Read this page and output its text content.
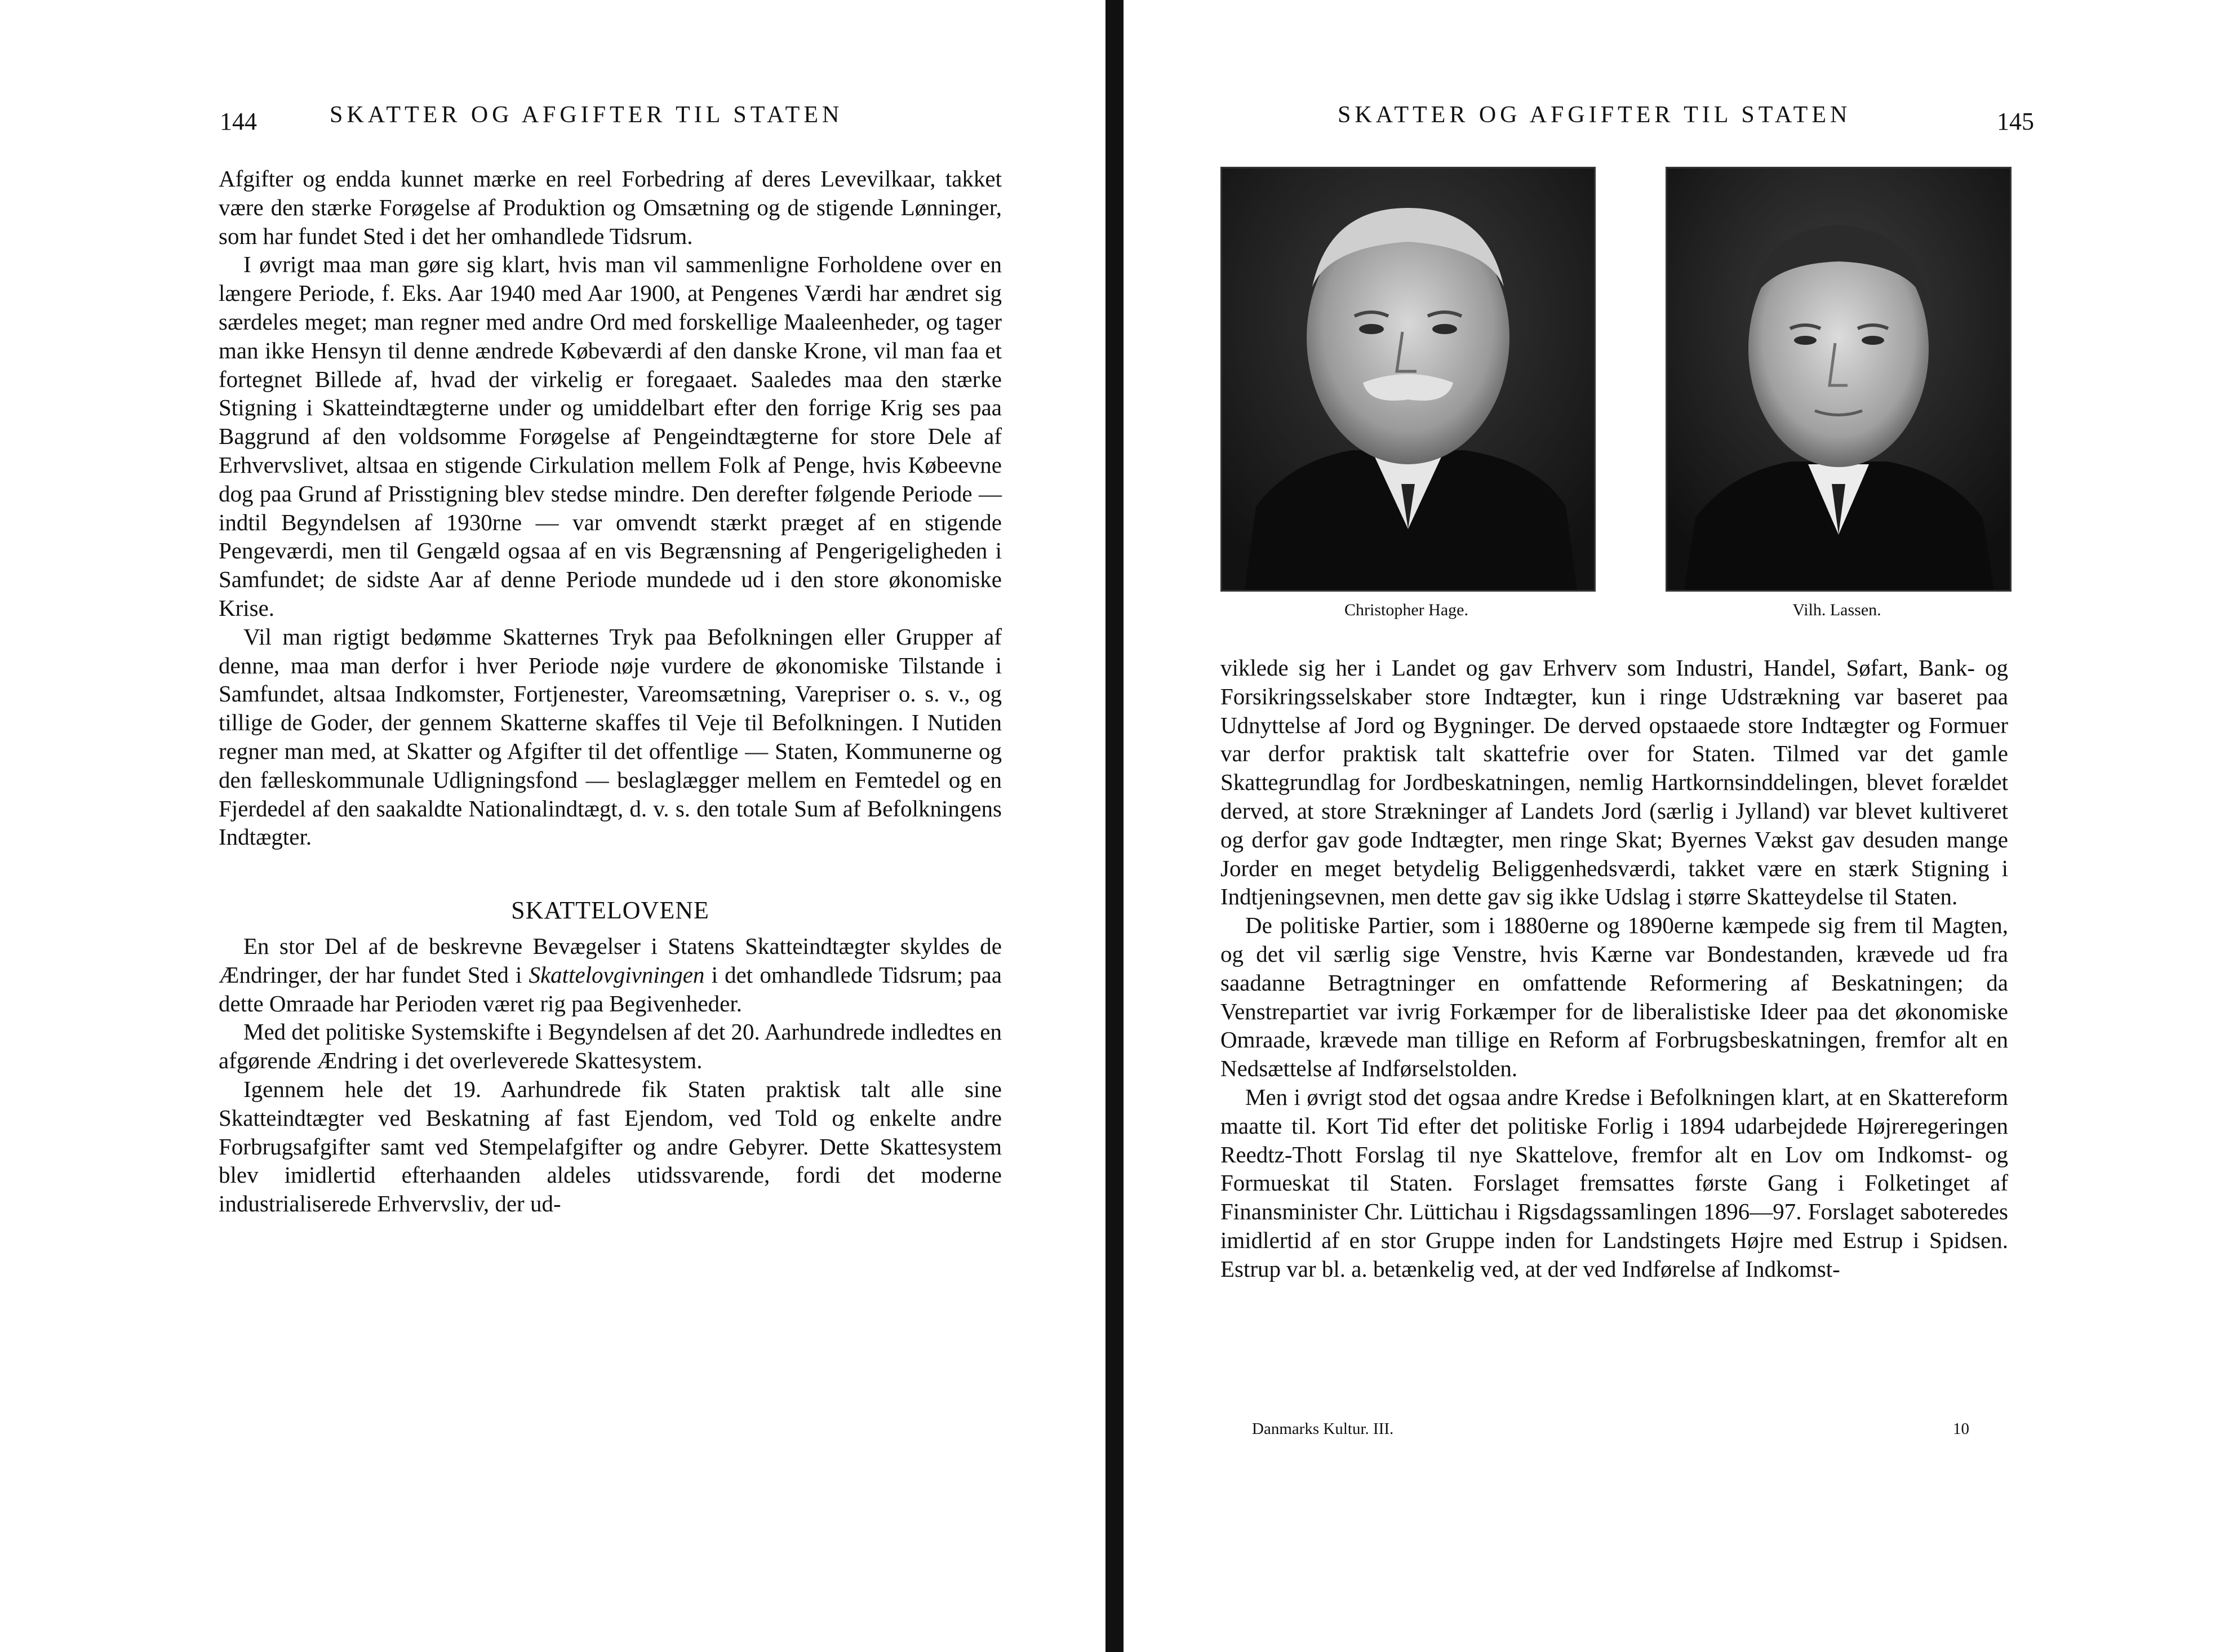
144	SKATTER OG AFGIFTER TIL STATEN

Afgifter og endda kunnet mærke en reel Forbedring af deres Levevilkaar, takket være den stærke Forøgelse af Produktion og Omsætning og de stigende Lønninger, som har fundet Sted i det her omhandlede Tidsrum.

I øvrigt maa man gøre sig klart, hvis man vil sammenligne Forholdene over en længere Periode, f. Eks. Aar 1940 med Aar 1900, at Pengenes Værdi har ændret sig særdeles meget; man regner med andre Ord med forskellige Maaleenheder, og tager man ikke Hensyn til denne ændrede Købeværdi af den danske Krone, vil man faa et fortegnet Billede af, hvad der virkelig er foregaaet. Saaledes maa den stærke Stigning i Skatteindtægterne under og umiddelbart efter den forrige Krig ses paa Baggrund af den voldsomme Forøgelse af Pengeindtægterne for store Dele af Erhvervslivet, altsaa en stigende Cirkulation mellem Folk af Penge, hvis Købeevne dog paa Grund af Prisstigning blev stedse mindre. Den derefter følgende Periode — indtil Begyndelsen af 1930rne — var omvendt stærkt præget af en stigende Pengeværdi, men til Gengæld ogsaa af en vis Begrænsning af Pengerigeligheden i Samfundet; de sidste Aar af denne Periode mundede ud i den store økonomiske Krise.

Vil man rigtigt bedømme Skatternes Tryk paa Befolkningen eller Grupper af denne, maa man derfor i hver Periode nøje vurdere de økonomiske Tilstande i Samfundet, altsaa Indkomster, Fortjenester, Vareomsætning, Varepriser o. s. v., og tillige de Goder, der gennem Skatterne skaffes til Veje til Befolkningen. I Nutiden regner man med, at Skatter og Afgifter til det offentlige — Staten, Kommunerne og den fælleskommunale Udligningsfond — beslaglægger mellem en Femtedel og en Fjerdedel af den saakaldte Nationalindtægt, d. v. s. den totale Sum af Befolkningens Indtægter.

SKATTELOVENE

En stor Del af de beskrevne Bevægelser i Statens Skatteindtægter skyldes de Ændringer, der har fundet Sted i Skattelovgivningen i det omhandlede Tidsrum; paa dette Omraade har Perioden været rig paa Begivenheder.

Med det politiske Systemskifte i Begyndelsen af det 20. Aarhundrede indledtes en afgørende Ændring i det overleverede Skattesystem.

Igennem hele det 19. Aarhundrede fik Staten praktisk talt alle sine Skatteindtægter ved Beskatning af fast Ejendom, ved Told og enkelte andre Forbrugsafgifter samt ved Stempelafgifter og andre Gebyrer. Dette Skattesystem blev imidlertid efterhaanden aldeles utidssvarende, fordi det moderne industrialiserede Erhvervsliv, der ud-

SKATTER OG AFGIFTER TIL STATEN	145
Christopher Hage.	Vilh. Lassen.

viklede sig her i Landet og gav Erhverv som Industri, Handel, Søfart, Bank- og Forsikringsselskaber store Indtægter, kun i ringe Udstrækning var baseret paa Udnyttelse af Jord og Bygninger. De derved opstaaede store Indtægter og Formuer var derfor praktisk talt skattefrie over for Staten. Tilmed var det gamle Skattegrundlag for Jordbeskatningen, nemlig Hartkornsinddelingen, blevet forældet derved, at store Strækninger af Landets Jord (særlig i Jylland) var blevet kultiveret og derfor gav gode Indtægter, men ringe Skat; Byernes Vækst gav desuden mange Jorder en meget betydelig Beliggenhedsværdi, takket være en stærk Stigning i Indtjeningsevnen, men dette gav sig ikke Udslag i større Skatteydelse til Staten.

De politiske Partier, som i 1880erne og 1890erne kæmpede sig frem til Magten, og det vil særlig sige Venstre, hvis Kærne var Bondestanden, krævede ud fra saadanne Betragtninger en omfattende Reformering af Beskatningen; da Venstrepartiet var ivrig Forkæmper for de liberalistiske Ideer paa det økonomiske Omraade, krævede man tillige en Reform af Forbrugsbeskatningen, fremfor alt en Nedsættelse af Indførselstolden.

Men i øvrigt stod det ogsaa andre Kredse i Befolkningen klart, at en Skattereform maatte til. Kort Tid efter det politiske Forlig i 1894 udarbejdede Højreregeringen Reedtz-Thott Forslag til nye Skattelove, fremfor alt en Lov om Indkomst- og Formueskat til Staten. Forslaget fremsattes første Gang i Folketinget af Finansminister Chr. Lüttichau i Rigsdagssamlingen 1896—97. Forslaget saboteredes imidlertid af en stor Gruppe inden for Landstingets Højre med Estrup i Spidsen. Estrup var bl. a. betænkelig ved, at der ved Indførelse af Indkomst-

Danmarks Kultur. III.	10
